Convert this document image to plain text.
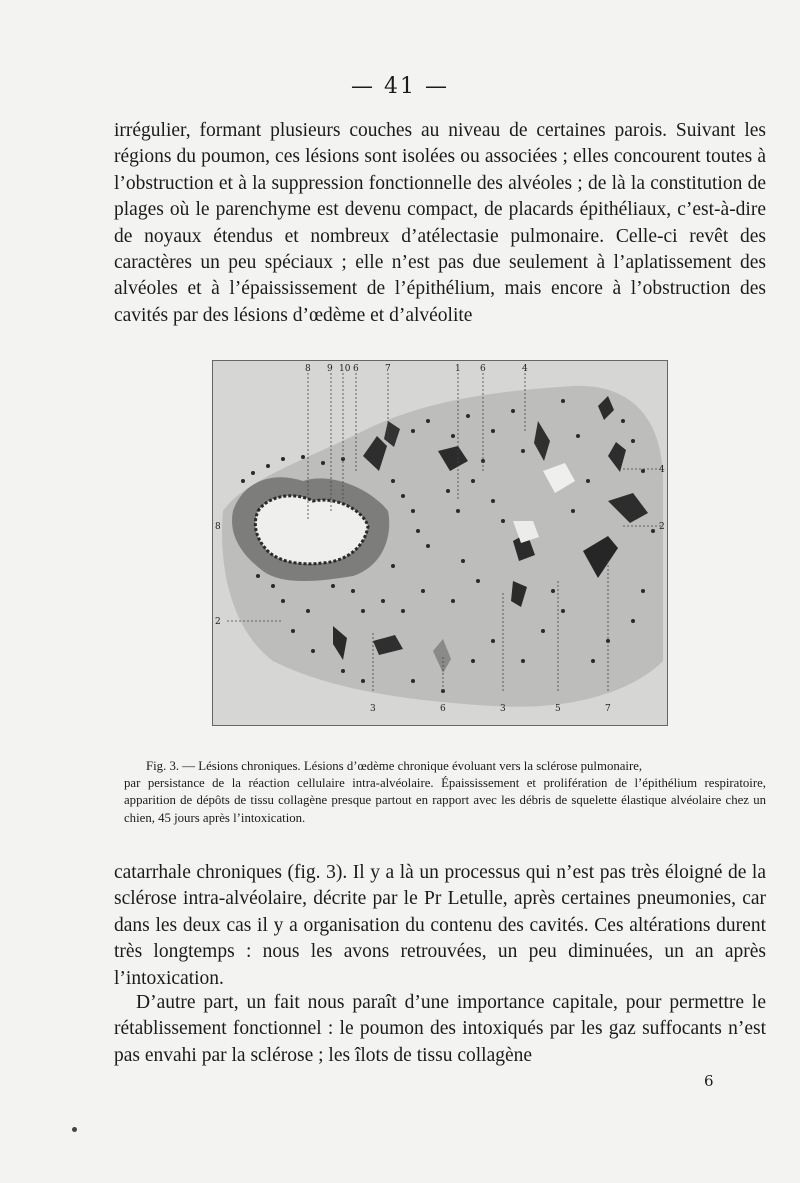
— 41 —

irrégulier, formant plusieurs couches au niveau de certaines parois. Suivant les régions du poumon, ces lésions sont isolées ou associées ; elles concourent toutes à l’obstruction et à la suppression fonctionnelle des alvéoles ; de là la constitution de plages où le parenchyme est devenu compact, de placards épithéliaux, c’est-à-dire de noyaux étendus et nombreux d’atélectasie pulmonaire. Celle-ci revêt des caractères un peu spéciaux ; elle n’est pas due seulement à l’aplatissement des alvéoles et à l’épaississement de l’épithélium, mais encore à l’obstruction des cavités par des lésions d’œdème et d’alvéolite

8 9 10 6	7	1 6	4
3	6	3	5	7
8
2
2
4

Fig. 3. — Lésions chroniques. Lésions d’œdème chronique évoluant vers la sclérose pulmonaire,
par persistance de la réaction cellulaire intra-alvéolaire. Épaississement et prolifération de l’épithélium respiratoire, apparition de dépôts de tissu collagène presque partout en rapport avec les débris de squelette élastique alvéolaire chez un chien, 45 jours après l’intoxication.

catarrhale chroniques (fig. 3). Il y a là un processus qui n’est pas très éloigné de la sclérose intra-alvéolaire, décrite par le Pr Letulle, après certaines pneumonies, car dans les deux cas il y a organisation du contenu des cavités. Ces altérations durent très longtemps : nous les avons retrouvées, un peu diminuées, un an après l’intoxication.

D’autre part, un fait nous paraît d’une importance capitale, pour permettre le rétablissement fonctionnel : le poumon des intoxiqués par les gaz suffocants n’est pas envahi par la sclérose ; les îlots de tissu collagène

6
